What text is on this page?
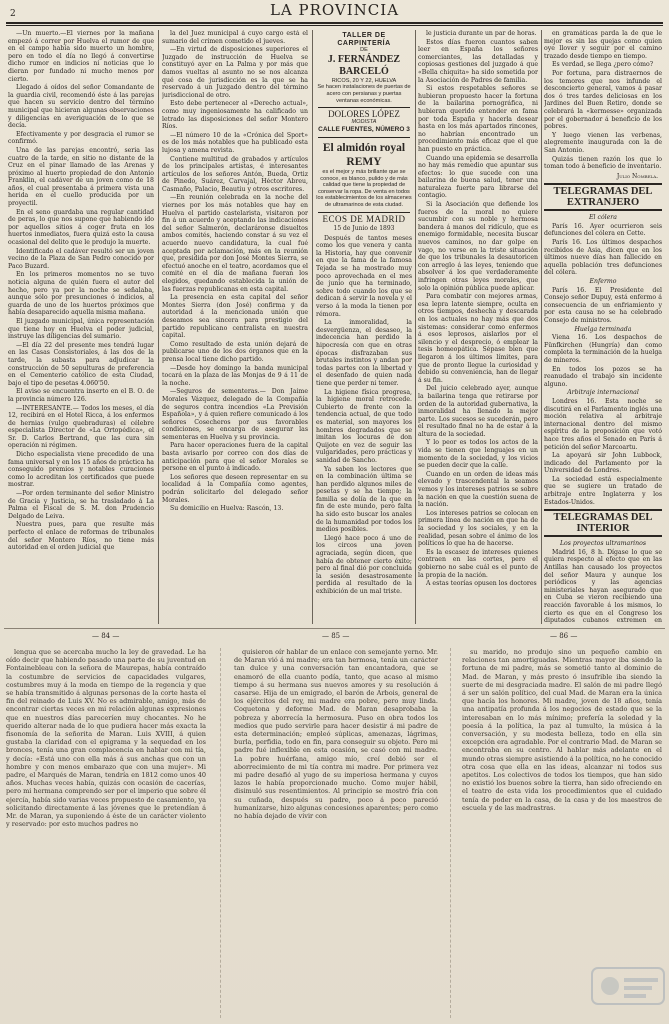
2	LA PROVINCIA

—Un muerto.—El viernes por la mañana empezó á correr por Huelva el rumor de que en el campo había sido muerto un hombre, pero en todo el día no llegó á convertirse dicho rumor en indicios ni noticias que lo dieran por fundado ni mucho menos por cierto.

Llegado á oídos del señor Comandante de la guardia civil, recomendó éste á las parejas que hacen su servicio dentro del término municipal que hicieran algunas observaciones y diligencias en averiguación de lo que se decía.

Efectivamente y por desgracia el rumor se confirmó.

Una de las parejas encontró, seria las cuatro de la tarde, en sitio no distante de la Cruz en el pinar llamado de las Arenas y próximo al huerto propiedad de don Antonio Franklin, el cadáver de un joven como de 18 años, el cual presentaba á primera vista una herida en el cuello producida por un proyectil.

En el seno guardaba una regular cantidad de peras, lo que nos supone que habiendo ido por aquellos sitios á coger fruta en los huertos inmediatos, fuera quizá esto la causa ocasional del delito que le produjo la muerte.

Identificado el cadáver resultó ser un joven vecino de la Plaza de San Pedro conocido por Paco Buzard.

En los primeros momentos no se tuvo noticia alguna de quién fuera el autor del hecho, pero ya por la noche se señalaba, aunque sólo por presunciones ó indicios, al guarda de uno de los huertos próximos que había desaparecido aquella misma mañana.

El juzgado municipal, única representación que tiene hoy en Huelva el poder judicial, instruye las diligencias del sumario.

—El día 22 del presente mes tendrá lugar en las Casas Consistoriales, á las dos de la tarde, la subasta para adjudicar la construcción de 50 sepulturas de preferencia en el Cementerio católico de esta Ciudad, bajo el tipo de pesetas 4.060'50.

El aviso se encuentra inserto en el B. O. de la provincia número 126.

—INTERESANTE.— Todos los meses, el día 12, recibirá en el Hotel Ricca, á los enfermos de hernias (vulgo quebraduras) el célebre especialista Director de «La Ortopédica», el Sr. D. Carlos Bertrand, que las cura sin operación ni régimen.

Dicho especialista viene precedido de una fama universal y en los 15 años de práctica ha conseguido premios y notables curaciones como lo acreditan los certificados que puede mostrar.

—Por orden terminante del señor Ministro de Gracia y Justicia, se ha trasladado á La Palma el Fiscal de S. M. don Prudencio Delgado de Leiva.

Nuestra pues, para que resulte más perfecto el enlace de reformas de tribunales del señor Montero Ríos, no tiene más autoridad en el orden judicial que

la del Juez municipal á cuyo cargo está el sumario del crimen cometido el jueves.

—En virtud de disposiciones superiores el Juzgado de instrucción de Huelva se constituyó ayer en La Palma y por más que damos vueltas al asunto no se nos alcanza qué cosa de jurisdicción es la que se ha reservado á un Juzgado dentro del término jurisdiccional de otro.

Esto debe pertenecer al «Derecho actual», como muy ingeniosamente ha calificado un letrado las disposiciones del señor Montero Ríos.

—El número 10 de la «Crónica del Sport» es de los más notables que ha publicado esta lujosa y amena revista.

Contiene multitud de grabados y artículos de los principales artistas, é interesantes artículos de los señores Antón, Bueda, Ortiz de Pinedo, Suárez, Carvajal, Héctor Abreu, Casmaño, Palacio, Beautiu y otros escritores.

—En reunión celebrada en la noche del viernes por los más notables que hay en Huelva el partido castelarista, visitaron por fin á un acuerdo y aceptando las indicaciones del señor Salmerón, declaráronse disueltos ambos comités, haciendo constar á su vez el acuerdo nuevo candidatura, la cual fué aceptada por aclamación, más en la reunión que, presidida por don José Montes Sierra, se efectuó anoche en el teatro, acordamos que el comité en el día de mañana fueran los elegidos, quedando establecida la unión de las fuerzas republicanas en esta capital.

La presencia en esta capital del señor Montes Sierra (don José) confirma y da autoridad á la mencionada unión que deseamos sea sincera para prestigio del partido republicano centralista en nuestra capital.

Como resultado de esta unión dejará de publicarse uno de los dos órganos que en la prensa local tiene dicho partido.

—Desde hoy domingo la banda municipal tocará en la plaza de las Monjas de 9 á 11 de la noche.

—Seguros de sementeras.— Don Jaime Morales Vázquez, delegado de la Compañía de seguros contra incendios «La Previsión Española», y á quien refiere comunicado á los señores Cosecheros por sus favorables condiciones, se encarga de asegurar las sementeras en Huelva y su provincia.

Para hacer operaciones fuera de la capital basta avisarlo por correo con dos días de anticipación para que el señor Morales se persone en el punto á indicado.

Los señores que deseen representar en su localidad á la Compañía como agentes, podrán solicitarlo del delegado señor Morales.

Su domicilio en Huelva: Rascón, 13.

TALLER DE CARPINTERÍA
DE
J. FERNÁNDEZ BARCELÓ
RICOS, 20 Y 22, HUELVA
Se hacen instalaciones de puertas de acero con persianas y puertas ventanas económicas.
DOLORES LÓPEZ
MODISTA
CALLE FUENTES, NÚMERO 3
El almidón royal REMY
es el mejor y más brillante que se conoce, es blanco, pulido y de más calidad que tiene la propiedad de conservar la ropa. De venta en todos los establecimientos de los almacenes de ultramarinos de esta ciudad.
ECOS DE MADRID
15 de Junio de 1893

Después de tantos meses como los que venera y canta la Historia, hay que convenir en que la fama de la famosa Tejada se ha mostrado muy poco aprovechada en el mes de junio que ha terminado, sobre todo cuando los que se dedican á servir la novela y el verso á la moda la tienen por rémora.

La inmoralidad, la desvergüenza, el desaseo, la indecencia han perdido la hipocresía con que en otras épocas disfrazaban sus brutales instintos y andan por todas partes con la libertad y el desenfado de quien nada tiene que perder ni temer.

La higiene física progresa, la higiene moral retrocede. Cubierto de frente con la tendencia actual, de que todo es material, son mayores los hombres degradados que se imitan los locuras de don Quijote en vez de seguir las vulgaridades, pero prácticas y sanidad de Sancho.

Ya saben los lectores que en la combinación última se han perdido algunos miles de pesetas y se ha tiempo; la familia se dolía de la que en fin de este mundo, pero falta ha sido esto buscar los anales de la humanidad por todos los medios posibles.

Llegó hace poco á uno de los circos una joven agraciada, según dicen, que había de obtener cierto éxito; pero al final dió por concluida la sesión desastrosamente perdida al resultado de la exhibición de un mal triste.

le justicia durante un par de horas.

Estos días fueron cuantos saben leer en España los señores comerciantes, las detalladas y copiosas gestiones del juzgado á que «Bella chiquita» ha sido sometida por la Asociación de Padres de familia.

Si estos respetables señores se hubieran propuesto hacer la fortuna de la bailarina pornográfica, ni hubieran querido entender en fama por toda España y hacerla desear hasta en los más apartados rincones, no habrían encontrado un procedimiento más eficaz que el que han puesto en práctica.

Cuando una epidemia se desarrolla no hay más remedio que apuntar sus efectos: lo que sucede con una bailarina de buena salud, tener una naturaleza fuerte para librarse del contagio.

Si la Asociación que defiende los fueros de la moral no quiere sucumbir con su noble y hermosa bandera á manos del ridículo, que es enemigo formidable, necesita buscar nuevos caminos, no dar golpe en vago, no verse en la triste situación de que los tribunales la desautoricen con arreglo á las leyes, teniendo que absolver á los que verdaderamente infringen otras leyes morales, que solo la opinión pública puede aplicar.

Para combatir con mejores armas, esa lepra latente siempre, oculta en otros tiempos, deshecha y descarada en los actuales no hay más que dos sistemas: considerar como enfermos á esos leprosos, aislarlos por el silencio y el desprecio, ó emplear la tesis homeopática. Sépase bien que llegaron á los últimos límites, para que de pronto llegue la curiosidad y debido su conveniencia, han de llegar á su fin.

Del juicio celebrado ayer, aunque la bailarina tenga que retirarse por orden de la autoridad gubernativa, la inmoralidad ha llenado la mejor parte. Los sucesos se sucederán, pero el resultado final no ha de estar á la altura de la sociedad.

Y lo peor es todos los actos de la vida se tienen que lenguajes en un momento de la sociedad, y los vicios se pueden decir que la calle.

Cuando en un orden de ideas más elevado y trascendental la seamos vemos y los intereses patrios se sobre la nación en que la cuestión suena de la nación.

Los intereses patrios se colocan en primera línea de nación en que ha de la sociedad y los sociales, y en la realidad, pesan sobre el ánimo de los políticos lo que ha de hacerse.

Es la escasez de intereses quienes contraen en las cortes, pero el gobierno no sabe cuál es el punto de la propia de la nación.

A estas teorías opusen los doctores

en gramáticas parda la de que le mejor es sin las quejas como quien oye llover y seguir por el camino trazado desde tiempo en tiempo.

Es verdad, se llega ¿pero cómo?

Por fortuna, para distraernos de los temores que nos infunde el desconcierto general, vamos á pasar dos ó tres tardes deliciosas en los Jardines del Buen Retiro, donde se celebrará la «kermesse» organizada por el gobernador á beneficio de los pobres.

Y luego vienen las verbenas, alegremente inaugurada con la de San Antonio.

Quizás tienen razón los que lo toman todo á beneficio de inventario.

Julio Nombela.
TELEGRAMAS DEL EXTRANJERO
El cólera

París 16. Ayer ocurrieron seis defunciones del cólera en Cette.

París 16. Los últimos despachos recibidos de Asia, dicen que en los últimos nueve días han fallecido en aquella población tres defunciones del cólera.

Enfermo

París 16. El Presidente del Consejo señor Dupuy, está enfermo á consecuencia de un enfriamiento y por esta causa no se ha celebrado Consejo de ministros.

Huelga terminada

Viena 16. Los despachos de Fünfkirchen (Hungría) dan como completa la terminación de la huelga de mineros.

En todos los pozos se ha reanudado el trabajo sin incidente alguno.

Arbitraje internacional

Londres 16. Esta noche se discutirá en el Parlamento inglés una moción relativa al arbitraje internacional dentro del mismo espíritu de la proposición que votó hace tres años el Senado en París á petición del señor Marcoartu.

La apoyará sir John Lubbock, indicado del Parlamento por la Universidad de Londres.

La sociedad está especialmente que se sugiere un tratado de arbitraje entre Inglaterra y los Estados-Unidos.

TELEGRAMAS DEL INTERIOR
Los proyectos ultramarinos

Madrid 16, 8 h. Dígase lo que se quiera respecto al efecto que en las Antillas han causado los proyectos del señor Maura y aunque los periódicos y las agencias ministeriales hayan asegurado que en Cuba se vieron recibiendo una reacción favorable á los mismos, lo cierto es que en el Congreso los diputados cubanos extremen en

— 84 —	— 85 —	— 86 —

lengua que se acercaba mucho la ley de gravedad. Le ha oído decir que habiendo pasado una parte de su juventud en Fontainebleau con la señora de Maurepas, había contraído la costumbre de servicios de capacidades vulgares, costumbres muy á la moda en tiempo de la regencia y que se había transmitido á algunas personas de la corte hasta el fin del reinado de Luis XV. No es admirable, amigo, más de encontrar ciertas veces en mi relación algunas expresiones que en nuestros días pareceríen muy chocantes. No he querido alterar nada de lo que pudiera hacer más exacta la fisonomía de la señorita de Maran. Luis XVIII, á quien gustaba la claridad con el epigrama y la sequedad en los bronces, tenía una gran complacencia en hablar con mi tía, y decía: «Está uno con ella más á sus anchas que con un hombre y con menos embarazo que con una mujer». Mi padre, el Marqués de Maran, tendría en 1812 como unos 40 años. Muchas veces había, quizás con ocasión de cacerías, pero mi hermana comprendo ser por el imperio que sobre él ejercía, había sido varias veces propuesto de casamiento, ya solicitando directamente á las jóvenes que le pretendían á Mr. de Maran, ya suponiendo á éste de un carácter violento y reservado: por esto muchos padres no

quisieron oír hablar de un enlace con semejante yerno. Mr. de Maran vió á mi madre; era tan hermosa, tenía un carácter tan dulce y una conversación tan encantadora, que se enamoró de ella cuanto podía, tanto, que acaso al mismo tiempo á su hermana sus nuevos amores y su resolución á casarse. Hija de un emigrado, el barón de Arbois, general de los ejércitos del rey, mi madre era pobre, pero muy linda. Coquetona y deforme Mad. de Maran desaprobaba la pobreza y aborrecía la hermosura. Puso en obra todos los medios que pudo servirle para hacer desistir á mi padre de esta determinación; empleó súplicas, amenazas, lágrimas, burla, perfidia, todo en fin, para conseguir su objeto. Pero mi padre fué inflexible en esta ocasión, se casó con mi madre. La pobre huérfana, amigo mío, creí debió ser el aborrecimiento de mi tía contra mi madre. Por primera vez mi padre desafió al yugo de su imperiosa hermana y cuyos lazos le había proporcionado mucho. Como mujer hábil, disimuló sus resentimientos. Al principio se mostró fría con su cuñada, después su padre, poco á poco pareció humanizarse, hizo algunas concesiones aparentes; pero como no había dejado de vivir con

su marido, no produjo sino un pequeño cambio en relaciones tan amortiguadas. Mientras mayor iba siendo la fortuna de mi padre, más se sometió tanto al dominio de Mad. de Maran, y más presto ó insufrible iba siendo la suerte de mi desgraciada madre. El salón de mi padre llegó á ser un salón político, del cual Mad. de Maran era la única que hacía los honores. Mi madre, joven de 18 años, tenía una antipatía profunda á los negocios de estado que se la interesaban en lo más mínimo; prefería la soledad y la poesía á la política, la paz al tumulto, la música á la conversación, y su modesta belleza, todo en ella sin excepción era agradable. Por el contrario Mad. de Maran se encontraba en su centro. Al hablar más adelante en el mundo otras siempre asistiendo á la política, no he conocido otra cosa que ella en las ideas, alcanzar ni todos sus apetitos. Los colectivos de todos los tiempos, que han sido no existió los buenos sobre la tierra, han sido ofreciendo en el teatro de esta vida los procedimientos que el cuidado tenía de poder en la casa, de la casa y de los maestros de escuela y de las madrastras.
